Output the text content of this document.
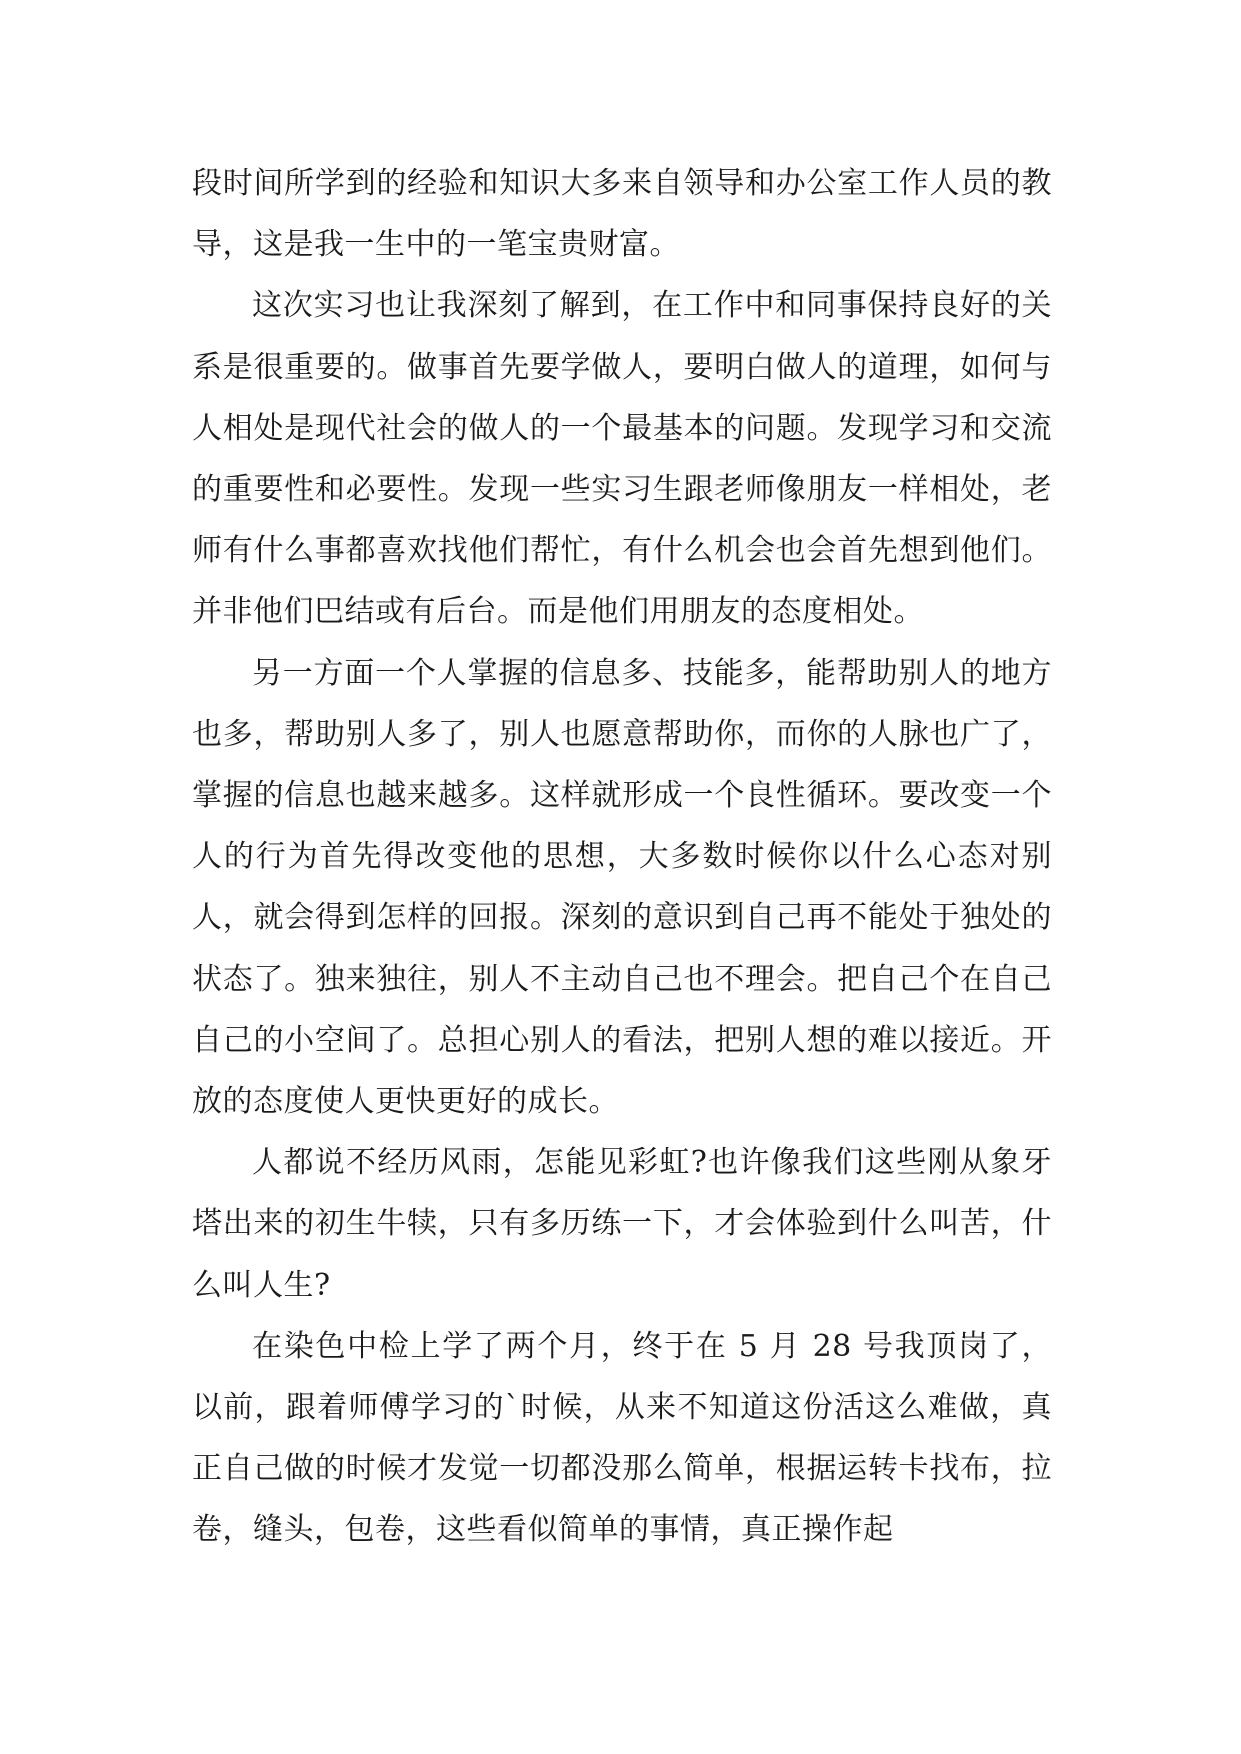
段时间所学到的经验和知识大多来自领导和办公室工作人员的教导，这是我一生中的一笔宝贵财富。

这次实习也让我深刻了解到，在工作中和同事保持良好的关系是很重要的。做事首先要学做人，要明白做人的道理，如何与人相处是现代社会的做人的一个最基本的问题。发现学习和交流的重要性和必要性。发现一些实习生跟老师像朋友一样相处，老师有什么事都喜欢找他们帮忙，有什么机会也会首先想到他们。并非他们巴结或有后台。而是他们用朋友的态度相处。

另一方面一个人掌握的信息多、技能多，能帮助别人的地方也多，帮助别人多了，别人也愿意帮助你，而你的人脉也广了，掌握的信息也越来越多。这样就形成一个良性循环。要改变一个人的行为首先得改变他的思想，大多数时候你以什么心态对别人，就会得到怎样的回报。深刻的意识到自己再不能处于独处的状态了。独来独往，别人不主动自己也不理会。把自己个在自己自己的小空间了。总担心别人的看法，把别人想的难以接近。开放的态度使人更快更好的成长。

人都说不经历风雨，怎能见彩虹?也许像我们这些刚从象牙塔出来的初生牛犊，只有多历练一下，才会体验到什么叫苦，什么叫人生?

在染色中检上学了两个月，终于在 5 月 28 号我顶岗了，以前，跟着师傅学习的`时候，从来不知道这份活这么难做，真正自己做的时候才发觉一切都没那么简单，根据运转卡找布，拉卷，缝头，包卷，这些看似简单的事情，真正操作起
